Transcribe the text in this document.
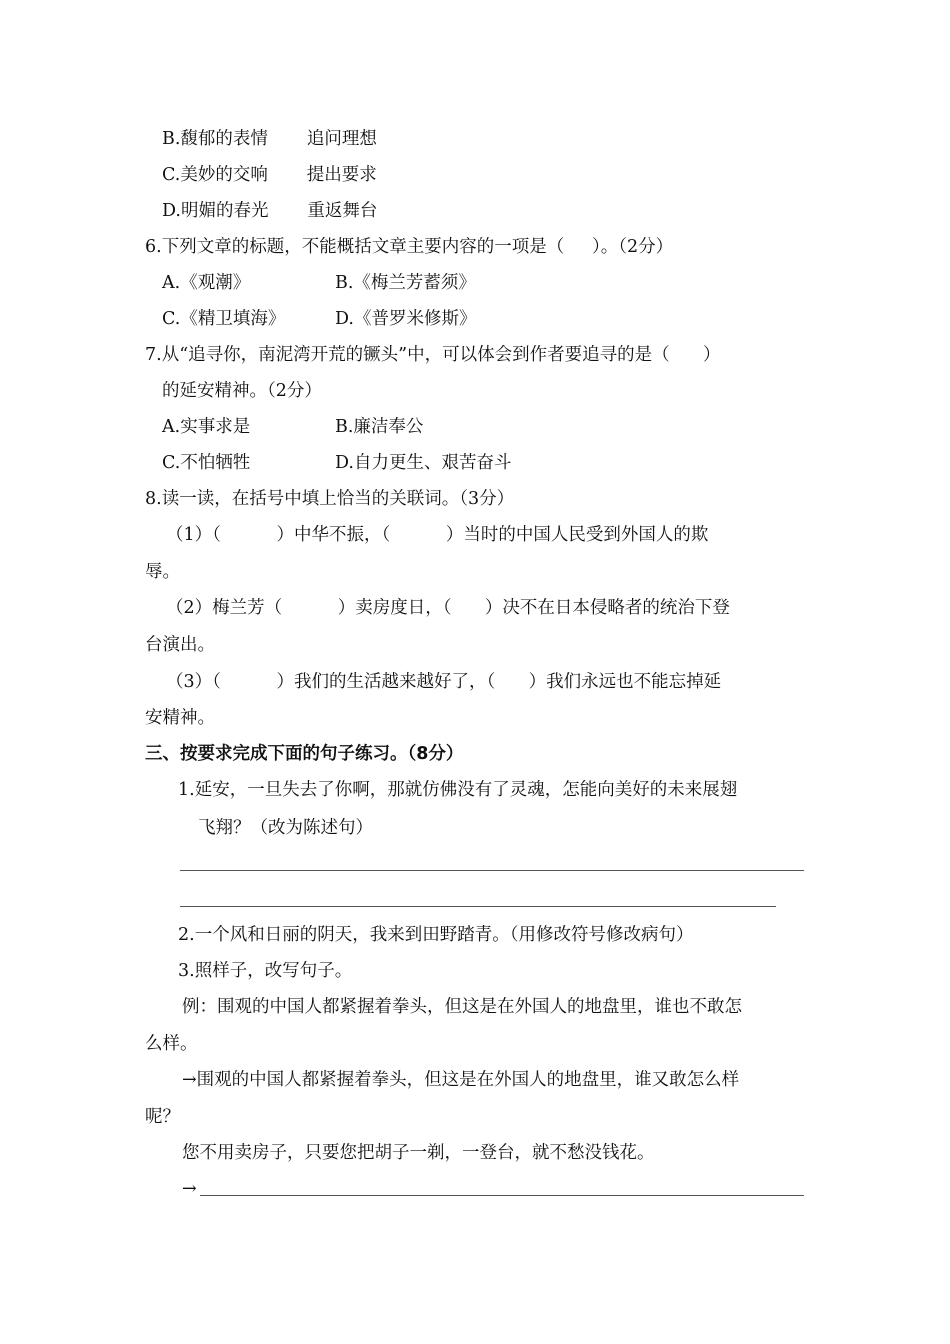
B.馥郁的表情       追问理想
C.美妙的交响       提出要求
D.明媚的春光       重返舞台
6.下列文章的标题，不能概括文章主要内容的一项是（     ）。（2分）
A.《观潮》	B.《梅兰芳蓄须》
C.《精卫填海》	D.《普罗米修斯》
7.从“追寻你，南泥湾开荒的镢头”中，可以体会到作者要追寻的是（      ）
的延安精神。（2分）
A.实事求是	B.廉洁奉公
C.不怕牺牲	D.自力更生、艰苦奋斗
8.读一读，在括号中填上恰当的关联词。（3分）
（1）（          ）中华不振，（          ）当时的中国人民受到外国人的欺
辱。
（2）梅兰芳（          ）卖房度日，（      ）决不在日本侵略者的统治下登
台演出。
（3）（          ）我们的生活越来越好了，（      ）我们永远也不能忘掉延
安精神。
三、按要求完成下面的句子练习。（8分）
1.延安，一旦失去了你啊，那就仿佛没有了灵魂，怎能向美好的未来展翅
飞翔？（改为陈述句）
2.一个风和日丽的阴天，我来到田野踏青。（用修改符号修改病句）
3.照样子，改写句子。
例：围观的中国人都紧握着拳头，但这是在外国人的地盘里，谁也不敢怎
么样。
→围观的中国人都紧握着拳头，但这是在外国人的地盘里，谁又敢怎么样
呢？
您不用卖房子，只要您把胡子一剃，一登台，就不愁没钱花。
→
